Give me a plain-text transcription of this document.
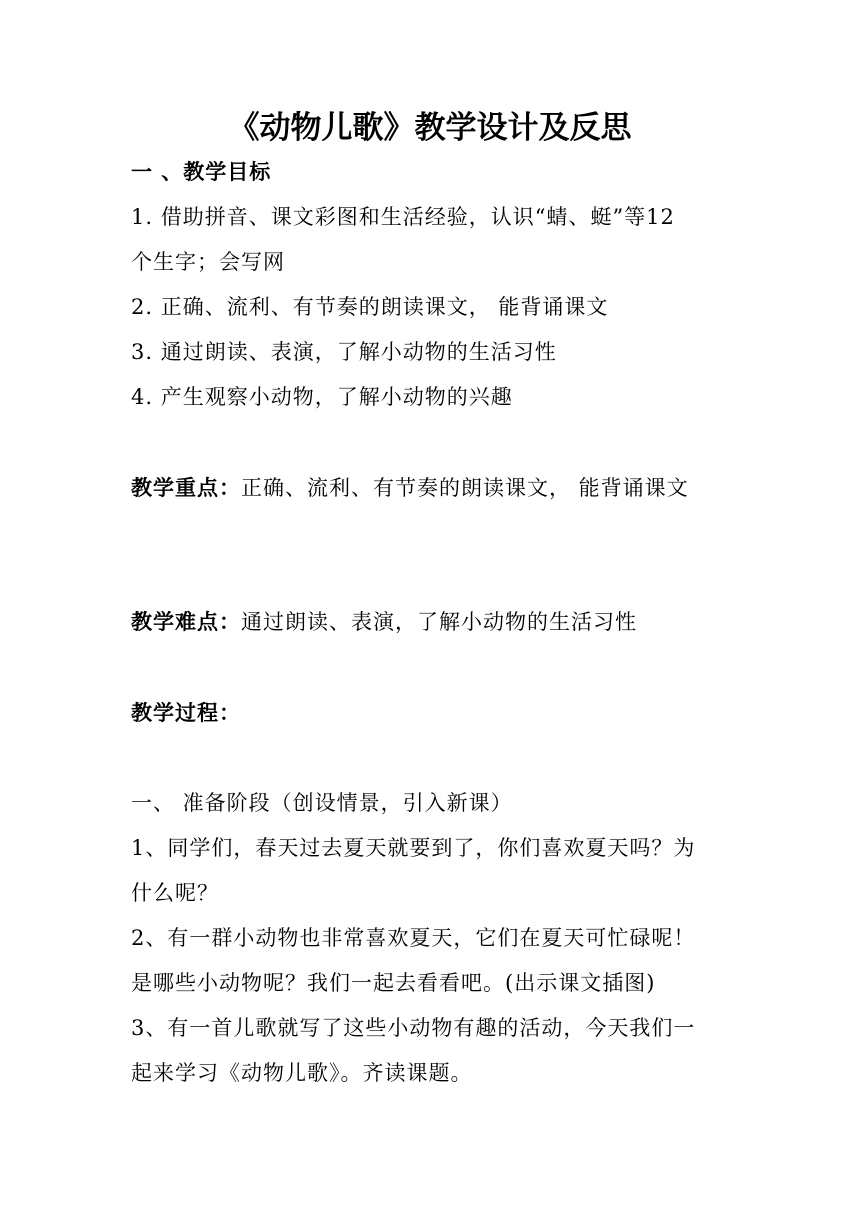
《动物儿歌》教学设计及反思
一 、教学目标
1. 借助拼音、课文彩图和生活经验，认识“蜻、蜓”等12
个生字；会写网
2. 正确、流利、有节奏的朗读课文， 能背诵课文
3. 通过朗读、表演，了解小动物的生活习性
4. 产生观察小动物，了解小动物的兴趣
教学重点：正确、流利、有节奏的朗读课文， 能背诵课文
教学难点：通过朗读、表演，了解小动物的生活习性
教学过程：
一、 准备阶段（创设情景，引入新课）
1、同学们，春天过去夏天就要到了，你们喜欢夏天吗？为
什么呢？
2、有一群小动物也非常喜欢夏天，它们在夏天可忙碌呢！
是哪些小动物呢？我们一起去看看吧。(出示课文插图)
3、有一首儿歌就写了这些小动物有趣的活动，今天我们一
起来学习《动物儿歌》。齐读课题。
